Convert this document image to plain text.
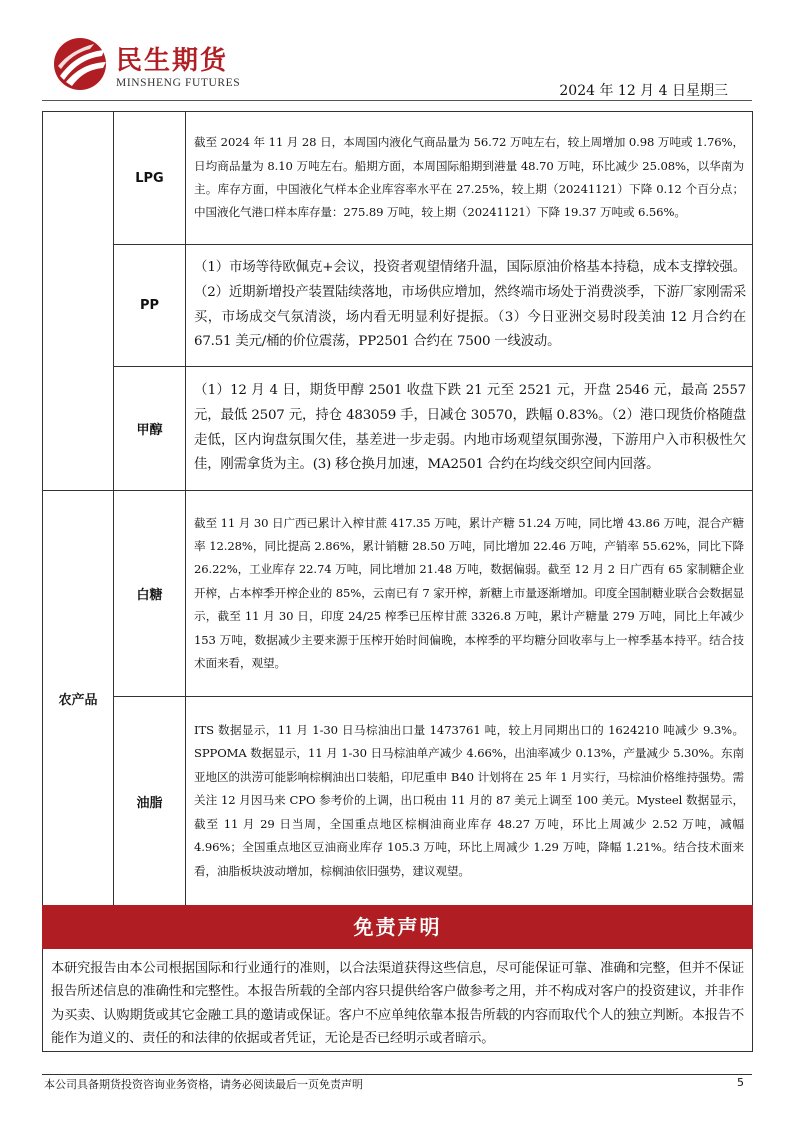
民生期货
MINSHENG FUTURES	2024 年 12 月 4 日星期三
	LPG	截至 2024 年 11 月 28 日，本周国内液化气商品量为 56.72 万吨左右，较上周增加 0.98 万吨或 1.76%，日均商品量为 8.10 万吨左右。船期方面，本周国际船期到港量 48.70 万吨，环比减少 25.08%，以华南为主。库存方面，中国液化气样本企业库容率水平在 27.25%，较上期（20241121）下降 0.12 个百分点；中国液化气港口样本库存量：275.89 万吨，较上期（20241121）下降 19.37 万吨或 6.56%。
	PP	（1）市场等待欧佩克+会议，投资者观望情绪升温，国际原油价格基本持稳，成本支撑较强。（2）近期新增投产装置陆续落地，市场供应增加，然终端市场处于消费淡季，下游厂家刚需采买，市场成交气氛清淡，场内看无明显利好提振。（3）今日亚洲交易时段美油 12 月合约在 67.51 美元/桶的价位震荡，PP2501 合约在 7500 一线波动。
	甲醇	（1）12 月 4 日，期货甲醇 2501 收盘下跌 21 元至 2521 元，开盘 2546 元，最高 2557 元，最低 2507 元，持仓 483059 手，日减仓 30570，跌幅 0.83%。（2）港口现货价格随盘走低，区内询盘氛围欠佳，基差进一步走弱。内地市场观望氛围弥漫，下游用户入市积极性欠佳，刚需拿货为主。(3) 移仓换月加速，MA2501 合约在均线交织空间内回落。
农产品	白糖	截至 11 月 30 日广西已累计入榨甘蔗 417.35 万吨，累计产糖 51.24 万吨，同比增 43.86 万吨，混合产糖率 12.28%，同比提高 2.86%，累计销糖 28.50 万吨，同比增加 22.46 万吨，产销率 55.62%，同比下降 26.22%，工业库存 22.74 万吨，同比增加 21.48 万吨，数据偏弱。截至 12 月 2 日广西有 65 家制糖企业开榨，占本榨季开榨企业的 85%，云南已有 7 家开榨，新糖上市量逐渐增加。印度全国制糖业联合会数据显示，截至 11 月 30 日，印度 24/25 榨季已压榨甘蔗 3326.8 万吨，累计产糖量 279 万吨，同比上年减少 153 万吨，数据减少主要来源于压榨开始时间偏晚，本榨季的平均糖分回收率与上一榨季基本持平。结合技术面来看，观望。
	油脂	ITS 数据显示，11 月 1-30 日马棕油出口量 1473761 吨，较上月同期出口的 1624210 吨减少 9.3%。SPPOMA 数据显示，11 月 1-30 日马棕油单产减少 4.66%，出油率减少 0.13%，产量减少 5.30%。东南亚地区的洪涝可能影响棕榈油出口装船，印尼重申 B40 计划将在 25 年 1 月实行，马棕油价格维持强势。需关注 12 月因马来 CPO 参考价的上调，出口税由 11 月的 87 美元上调至 100 美元。Mysteel 数据显示，截至 11 月 29 日当周，全国重点地区棕榈油商业库存 48.27 万吨，环比上周减少 2.52 万吨，减幅 4.96%；全国重点地区豆油商业库存 105.3 万吨，环比上周减少 1.29 万吨，降幅 1.21%。结合技术面来看，油脂板块波动增加，棕榈油依旧强势，建议观望。
免责声明
本研究报告由本公司根据国际和行业通行的准则，以合法渠道获得这些信息，尽可能保证可靠、准确和完整，但并不保证报告所述信息的准确性和完整性。本报告所载的全部内容只提供给客户做参考之用，并不构成对客户的投资建议，并非作为买卖、认购期货或其它金融工具的邀请或保证。客户不应单纯依靠本报告所载的内容而取代个人的独立判断。本报告不能作为道义的、责任的和法律的依据或者凭证，无论是否已经明示或者暗示。
本公司具备期货投资咨询业务资格，请务必阅读最后一页免责声明	5
